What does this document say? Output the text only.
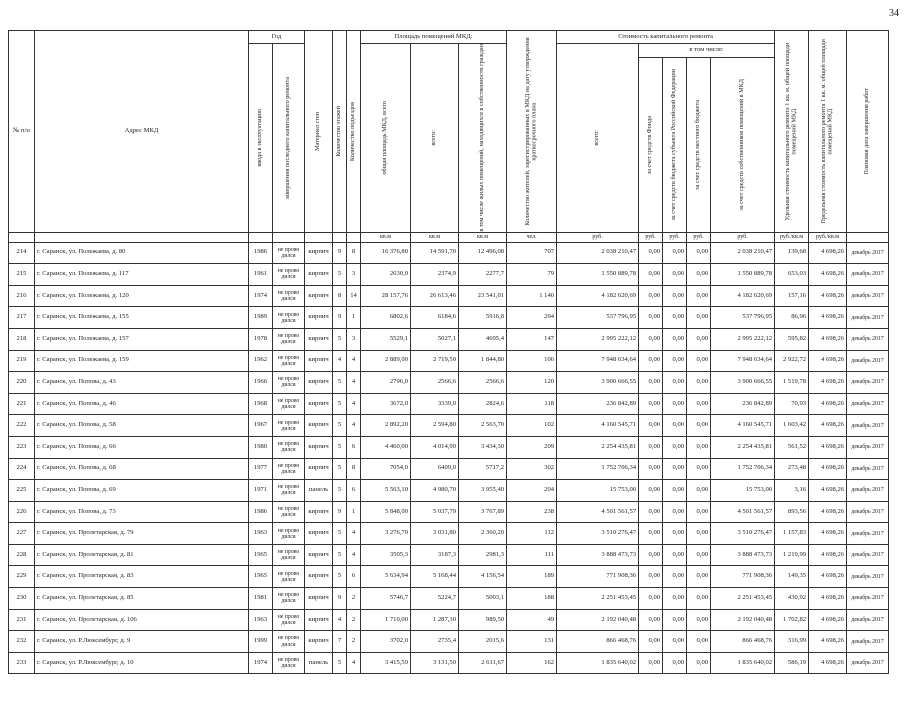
34
№ п/п	Адрес МКД	Год		Материал стен	Количество этажей	Количество подъездов	Площадь помещений МКД:			Количество жителей, зарегистрированных в МКД на дату утверждения краткосрочного плана	Стоимость капитального ремонта					Удельная стоимость капитального ремонта 1 кв. м. общей площади помещений МКД	Предельная стоимость капитального ремонта 1 кв. м. общей площади помещений МКД	Плановая дата завершения работ

		ввода в эксплуатацию	завершения последнего капитального ремонта				общая площадь МКД, всего	всего:	в том числе жилых помещений, находящихся в собственности граждан		всего:	в том числе:						

												за счет средств Фонда	за счет средств бюджета субъекта Российской Федерации	за счет средств местного бюджета	за счет средств собственников помещений в МКД			

							кв.м	кв.м	кв.м	чел.	руб.	руб.	руб.	руб.	руб.	руб./кв.м	руб./кв.м	
214	г. Саранск, ул. Полежаева, д. 80	1986	не прово дился	кирпич	9	8	16 376,80	14 591,70	12 496,08	707	2 038 210,47	0,00	0,00	0,00	2 038 210,47	139,68	4 698,26	декабрь 2017
215	г. Саранск, ул. Полежаева, д. 117	1961	не прово дился	кирпич	5	3	2630,0	2374,9	2277,7	79	1 550 889,78	0,00	0,00	0,00	1 550 889,78	653,03	4 698,26	декабрь 2017
216	г. Саранск, ул. Полежаева, д. 120	1974	не прово дился	кирпич	8	14	28 157,76	26 613,46	23 541,01	1 140	4 182 620,69	0,00	0,00	0,00	4 182 620,69	157,16	4 698,26	декабрь 2017
217	г. Саранск, ул. Полежаева, д. 155	1989	не прово дился	кирпич	9	1	6802,6	6184,6	5916,8	204	537 796,95	0,00	0,00	0,00	537 796,95	86,96	4 698,26	декабрь 2017
218	г. Саранск, ул. Полежаева, д. 157	1978	не прово дился	кирпич	5	3	5529,1	5027,1	4695,4	147	2 995 222,12	0,00	0,00	0,00	2 995 222,12	595,82	4 698,26	декабрь 2017
219	г. Саранск, ул. Полежаева, д. 159	1962	не прово дился	кирпич	4	4	2 889,00	2 719,50	1 844,80	106	7 948 634,64	0,00	0,00	0,00	7 948 634,64	2 922,72	4 698,26	декабрь 2017
220	г. Саранск, ул. Попова, д. 43	1966	не прово дился	кирпич	5	4	2796,0	2566,6	2566,6	120	3 900 666,55	0,00	0,00	0,00	3 900 666,55	1 519,78	4 698,26	декабрь 2017
221	г. Саранск, ул. Попова, д. 46	1968	не прово дился	кирпич	5	4	3672,0	3339,0	2824,6	118	236 842,89	0,00	0,00	0,00	236 842,89	70,93	4 698,26	декабрь 2017
222	г. Саранск, ул. Попова, д. 58	1967	не прово дился	кирпич	5	4	2 892,20	2 594,80	2 563,70	102	4 160 545,71	0,00	0,00	0,00	4 160 545,71	1 603,42	4 698,26	декабрь 2017
223	г. Саранск, ул. Попова, д. 66	1980	не прово дился	кирпич	5	6	4 460,00	4 014,90	3 434,30	209	2 254 435,81	0,00	0,00	0,00	2 254 435,81	561,52	4 698,26	декабрь 2017
224	г. Саранск, ул. Попова, д. 68	1977	не прово дился	кирпич	5	8	7054,0	6409,0	5717,2	302	1 752 706,34	0,00	0,00	0,00	1 752 706,34	273,48	4 698,26	декабрь 2017
225	г. Саранск, ул. Попова, д. 69	1971	не прово дился	панель	5	6	5 563,10	4 980,70	3 955,40	204	15 753,00	0,00	0,00	0,00	15 753,00	3,16	4 698,26	декабрь 2017
226	г. Саранск, ул. Попова, д. 73	1986	не прово дился	кирпич	9	1	5 848,00	5 037,79	3 767,89	238	4 501 561,57	0,00	0,00	0,00	4 501 561,57	893,56	4 698,26	декабрь 2017
227	г. Саранск, ул. Пролетарская, д. 79	1963	не прово дился	кирпич	5	4	3 276,70	3 031,80	2 360,20	112	3 510 276,47	0,00	0,00	0,00	3 510 276,47	1 157,83	4 698,26	декабрь 2017
228	г. Саранск, ул. Пролетарская, д. 81	1965	не прово дился	кирпич	5	4	3505,3	3187,3	2981,3	111	3 888 473,73	0,00	0,00	0,00	3 888 473,73	1 219,99	4 698,26	декабрь 2017
229	г. Саранск, ул. Пролетарская, д. 83	1965	не прово дился	кирпич	5	6	5 634,94	5 168,44	4 156,54	189	771 908,36	0,00	0,00	0,00	771 908,36	149,35	4 698,26	декабрь 2017
230	г. Саранск, ул. Пролетарская, д. 85	1981	не прово дился	кирпич	9	2	5746,7	5224,7	5003,1	188	2 251 453,45	0,00	0,00	0,00	2 251 453,45	430,92	4 698,26	декабрь 2017
231	г. Саранск, ул. Пролетарская, д. 106	1963	не прово дился	кирпич	4	2	1 710,00	1 287,30	989,50	49	2 192 040,48	0,00	0,00	0,00	2 192 040,48	1 702,82	4 698,26	декабрь 2017
232	г. Саранск, ул. Р.Люксембург, д. 9	1999	не прово дился	кирпич	7	2	3702,0	2735,4	2015,6	131	866 468,76	0,00	0,00	0,00	866 468,76	316,99	4 698,26	декабрь 2017
233	г. Саранск, ул. Р.Люксембург, д. 10	1974	не прово дился	панель	5	4	3 415,59	3 131,50	2 611,67	162	1 835 640,02	0,00	0,00	0,00	1 835 640,02	586,19	4 698,26	декабрь 2017
